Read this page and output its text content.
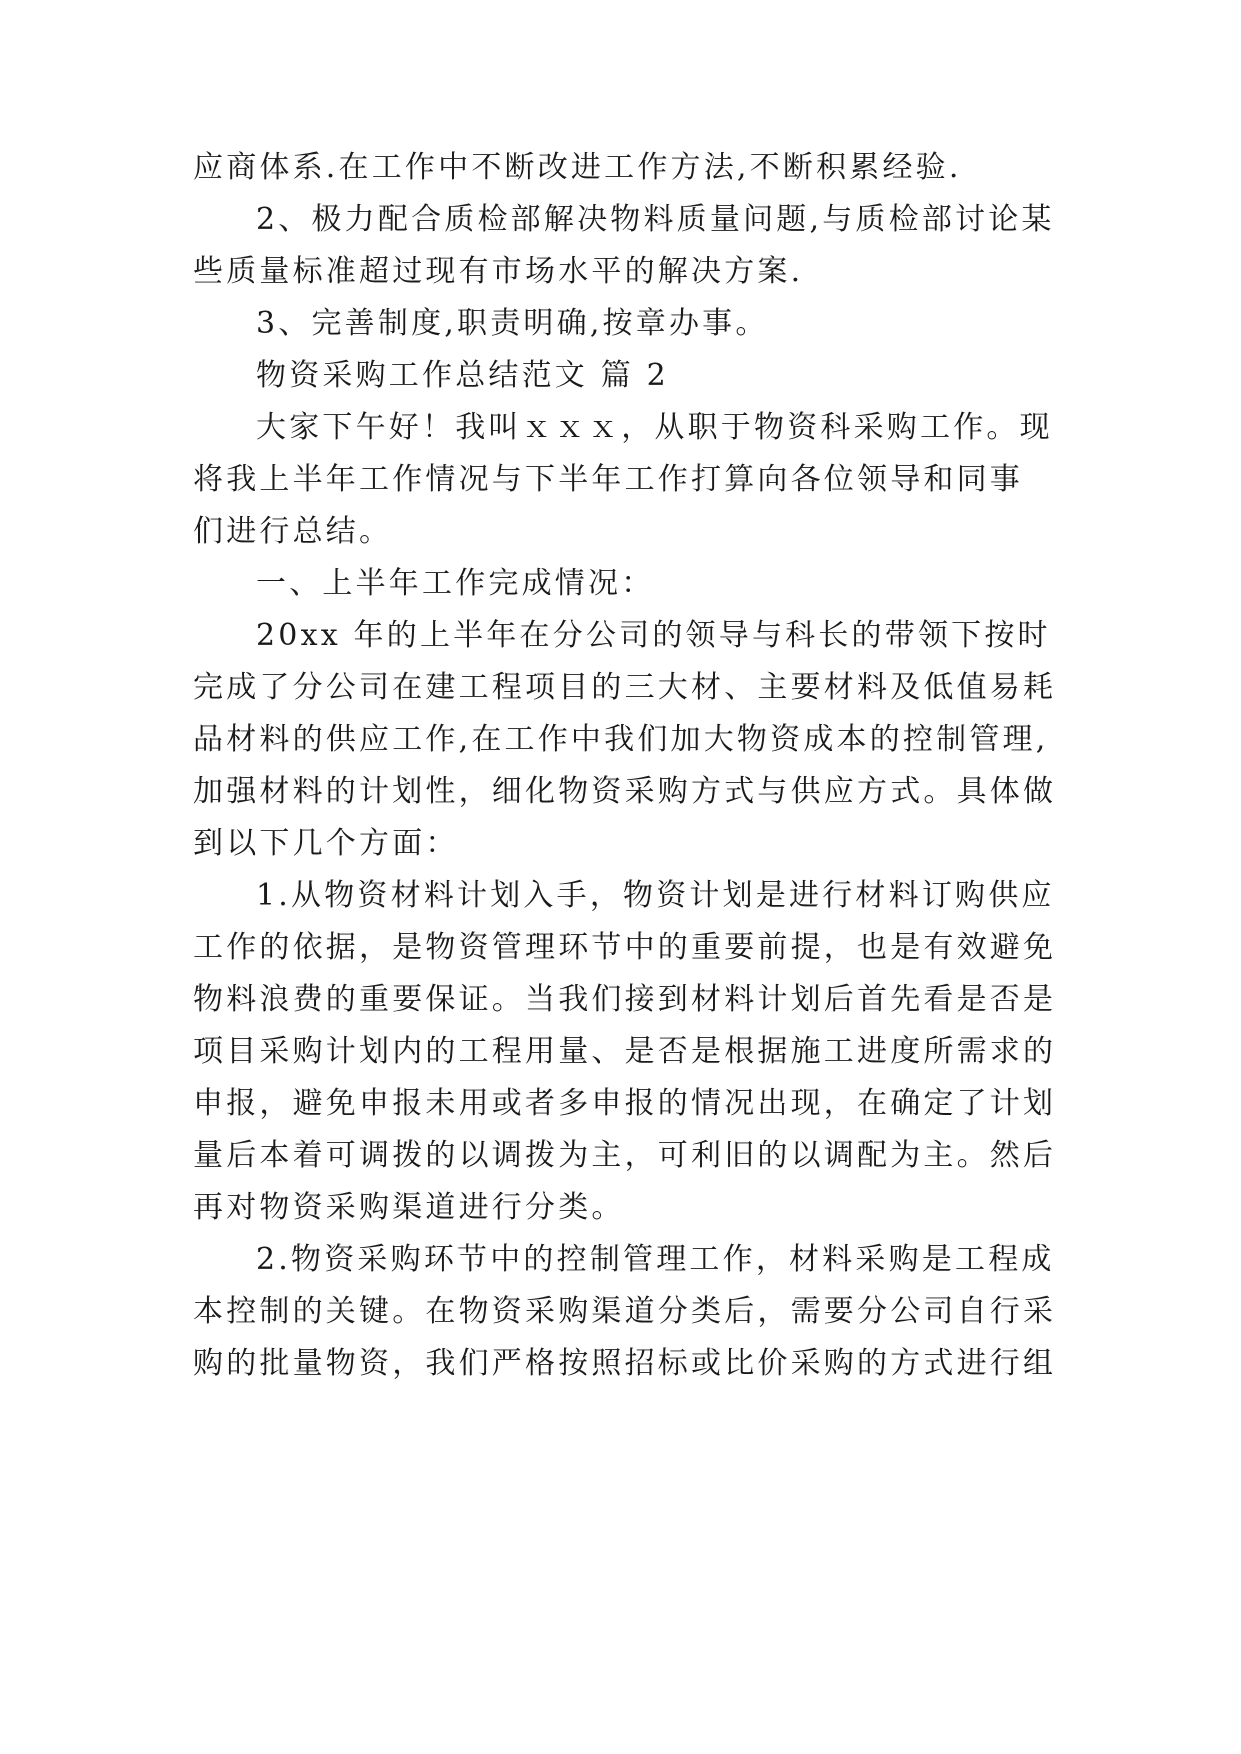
应商体系.在工作中不断改进工作方法,不断积累经验.
2、极力配合质检部解决物料质量问题,与质检部讨论某
些质量标准超过现有市场水平的解决方案.
3、完善制度,职责明确,按章办事。
物资采购工作总结范文 篇 2
大家下午好！我叫ｘｘｘ，从职于物资科采购工作。现
将我上半年工作情况与下半年工作打算向各位领导和同事
们进行总结。
一、上半年工作完成情况：
20xx 年的上半年在分公司的领导与科长的带领下按时
完成了分公司在建工程项目的三大材、主要材料及低值易耗
品材料的供应工作,在工作中我们加大物资成本的控制管理,
加强材料的计划性，细化物资采购方式与供应方式。具体做
到以下几个方面：
1.从物资材料计划入手，物资计划是进行材料订购供应
工作的依据，是物资管理环节中的重要前提，也是有效避免
物料浪费的重要保证。当我们接到材料计划后首先看是否是
项目采购计划内的工程用量、是否是根据施工进度所需求的
申报，避免申报未用或者多申报的情况出现，在确定了计划
量后本着可调拨的以调拨为主，可利旧的以调配为主。然后
再对物资采购渠道进行分类。
2.物资采购环节中的控制管理工作，材料采购是工程成
本控制的关键。在物资采购渠道分类后，需要分公司自行采
购的批量物资，我们严格按照招标或比价采购的方式进行组
